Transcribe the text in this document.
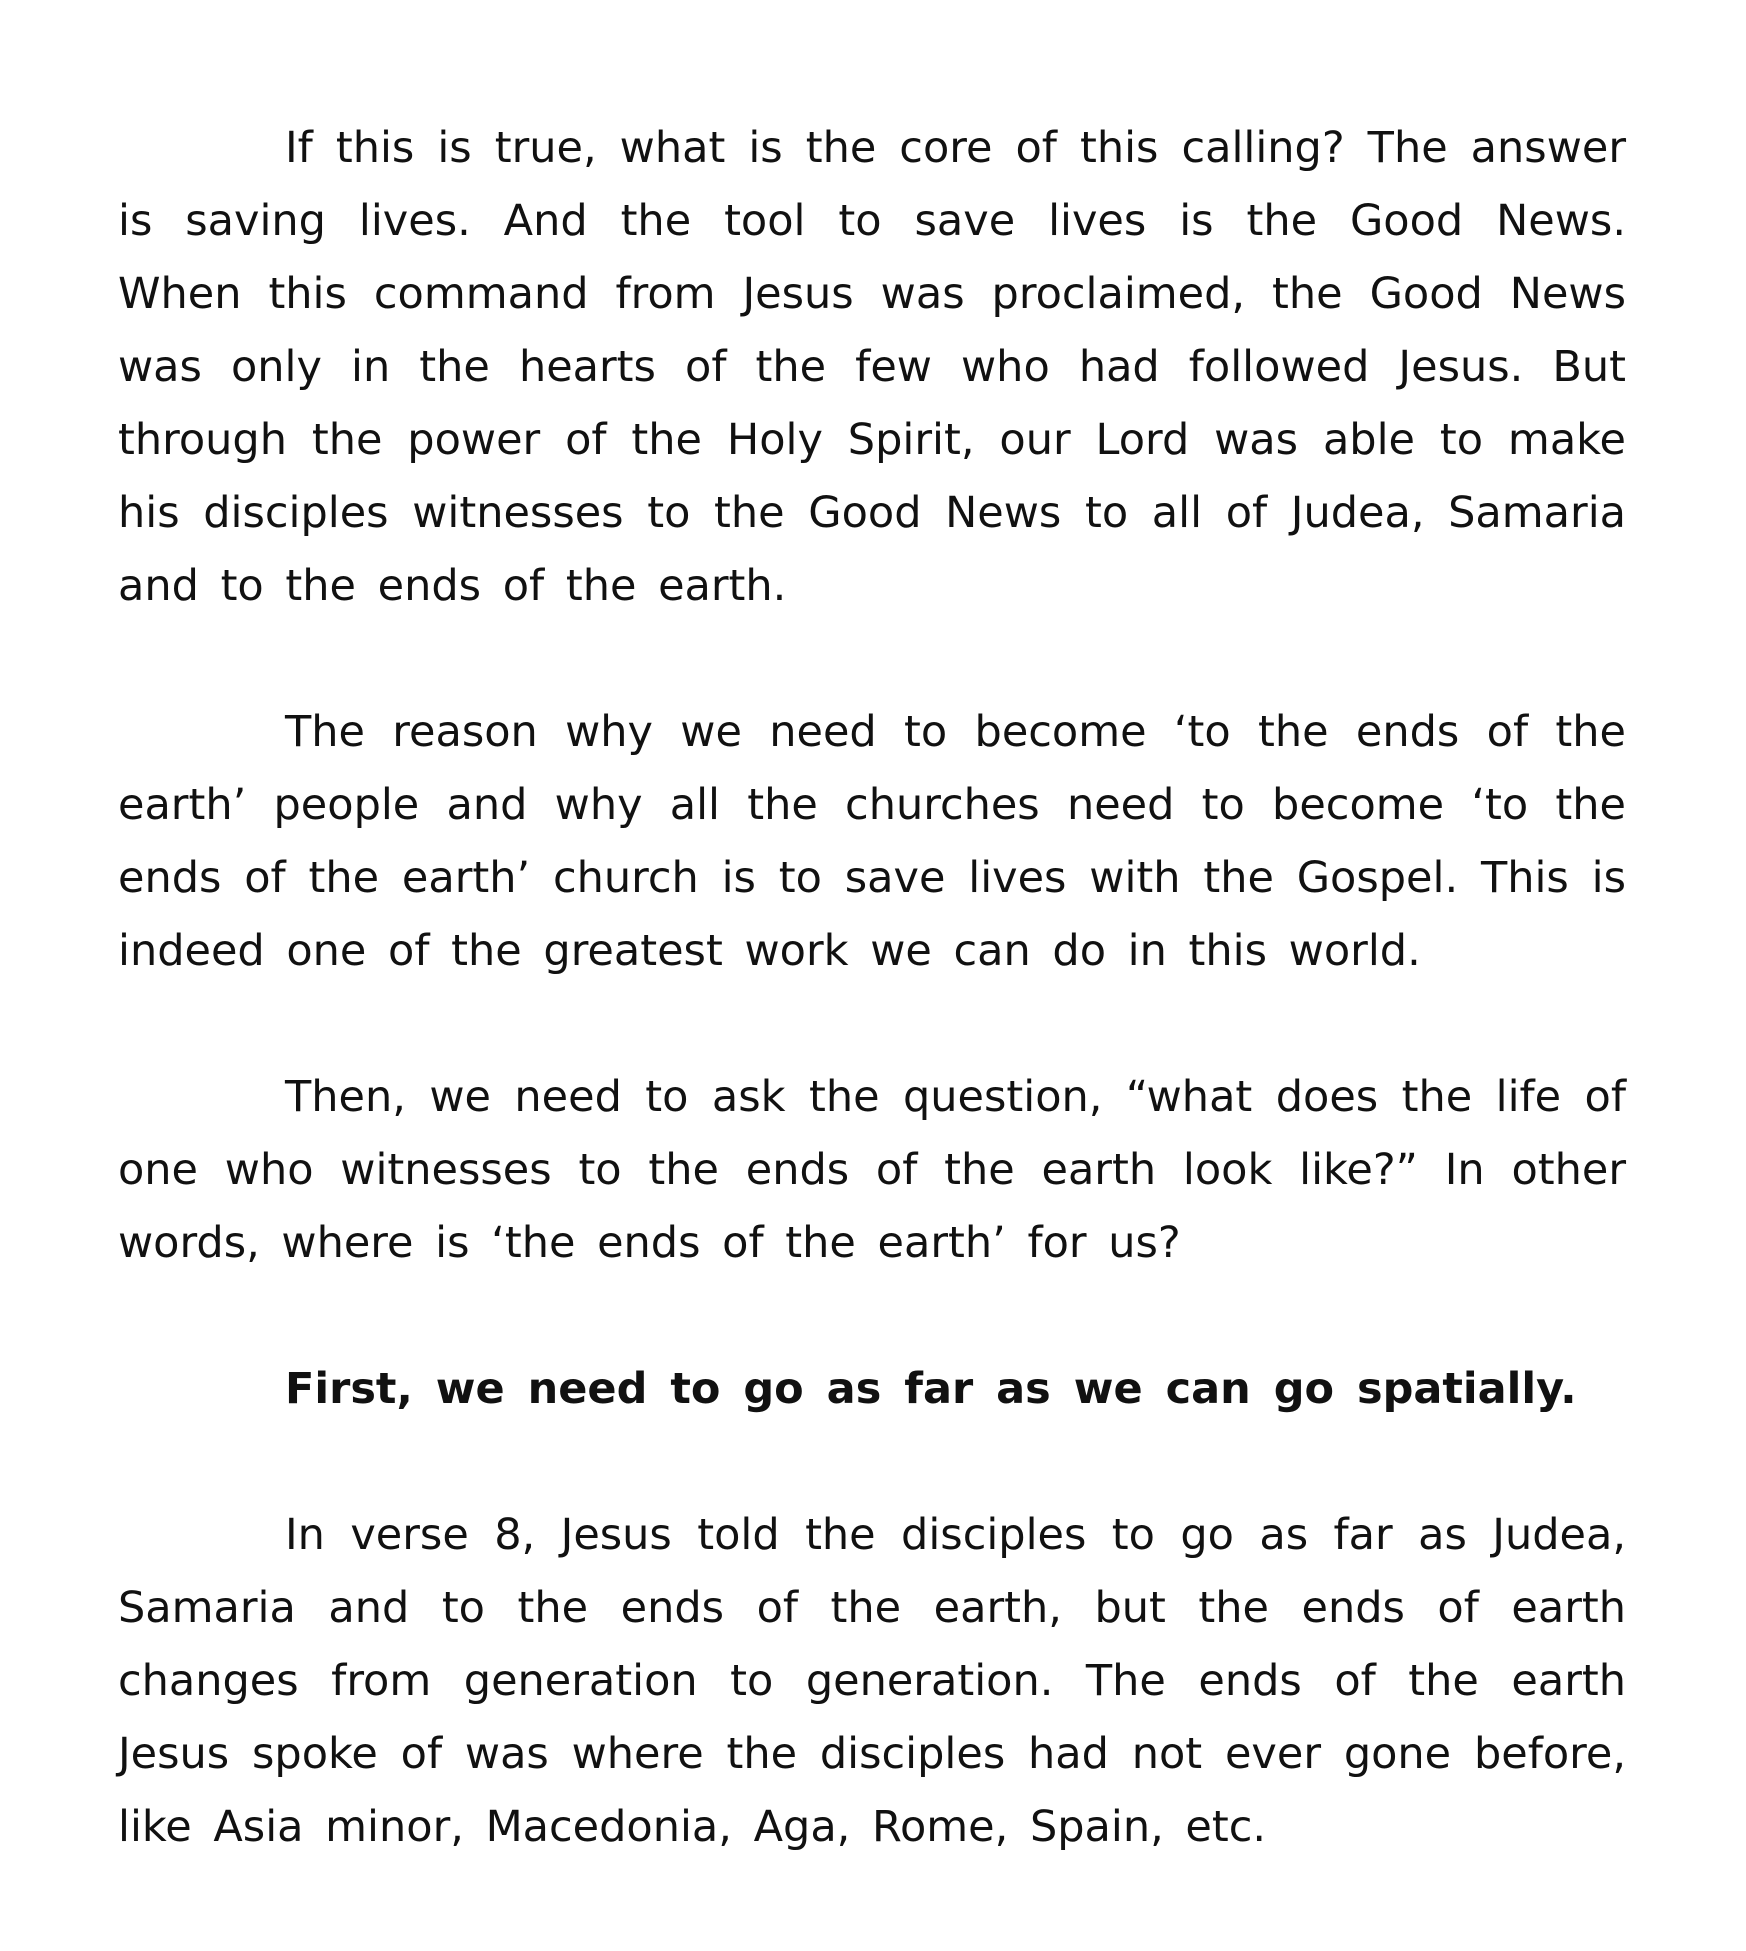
If this is true, what is the core of this calling? The answer is saving lives. And the tool to save lives is the Good News. When this command from Jesus was proclaimed, the Good News was only in the hearts of the few who had followed Jesus. But through the power of the Holy Spirit, our Lord was able to make his disciples witnesses to the Good News to all of Judea, Samaria and to the ends of the earth.

The reason why we need to become ‘to the ends of the earth’ people and why all the churches need to become ‘to the ends of the earth’ church is to save lives with the Gospel. This is indeed one of the greatest work we can do in this world.

Then, we need to ask the question, “what does the life of one who witnesses to the ends of the earth look like?” In other words, where is ‘the ends of the earth’ for us?

First, we need to go as far as we can go spatially.

In verse 8, Jesus told the disciples to go as far as Judea, Samaria and to the ends of the earth, but the ends of earth changes from generation to generation. The ends of the earth Jesus spoke of was where the disciples had not ever gone before, like Asia minor, Macedonia, Aga, Rome, Spain, etc.
